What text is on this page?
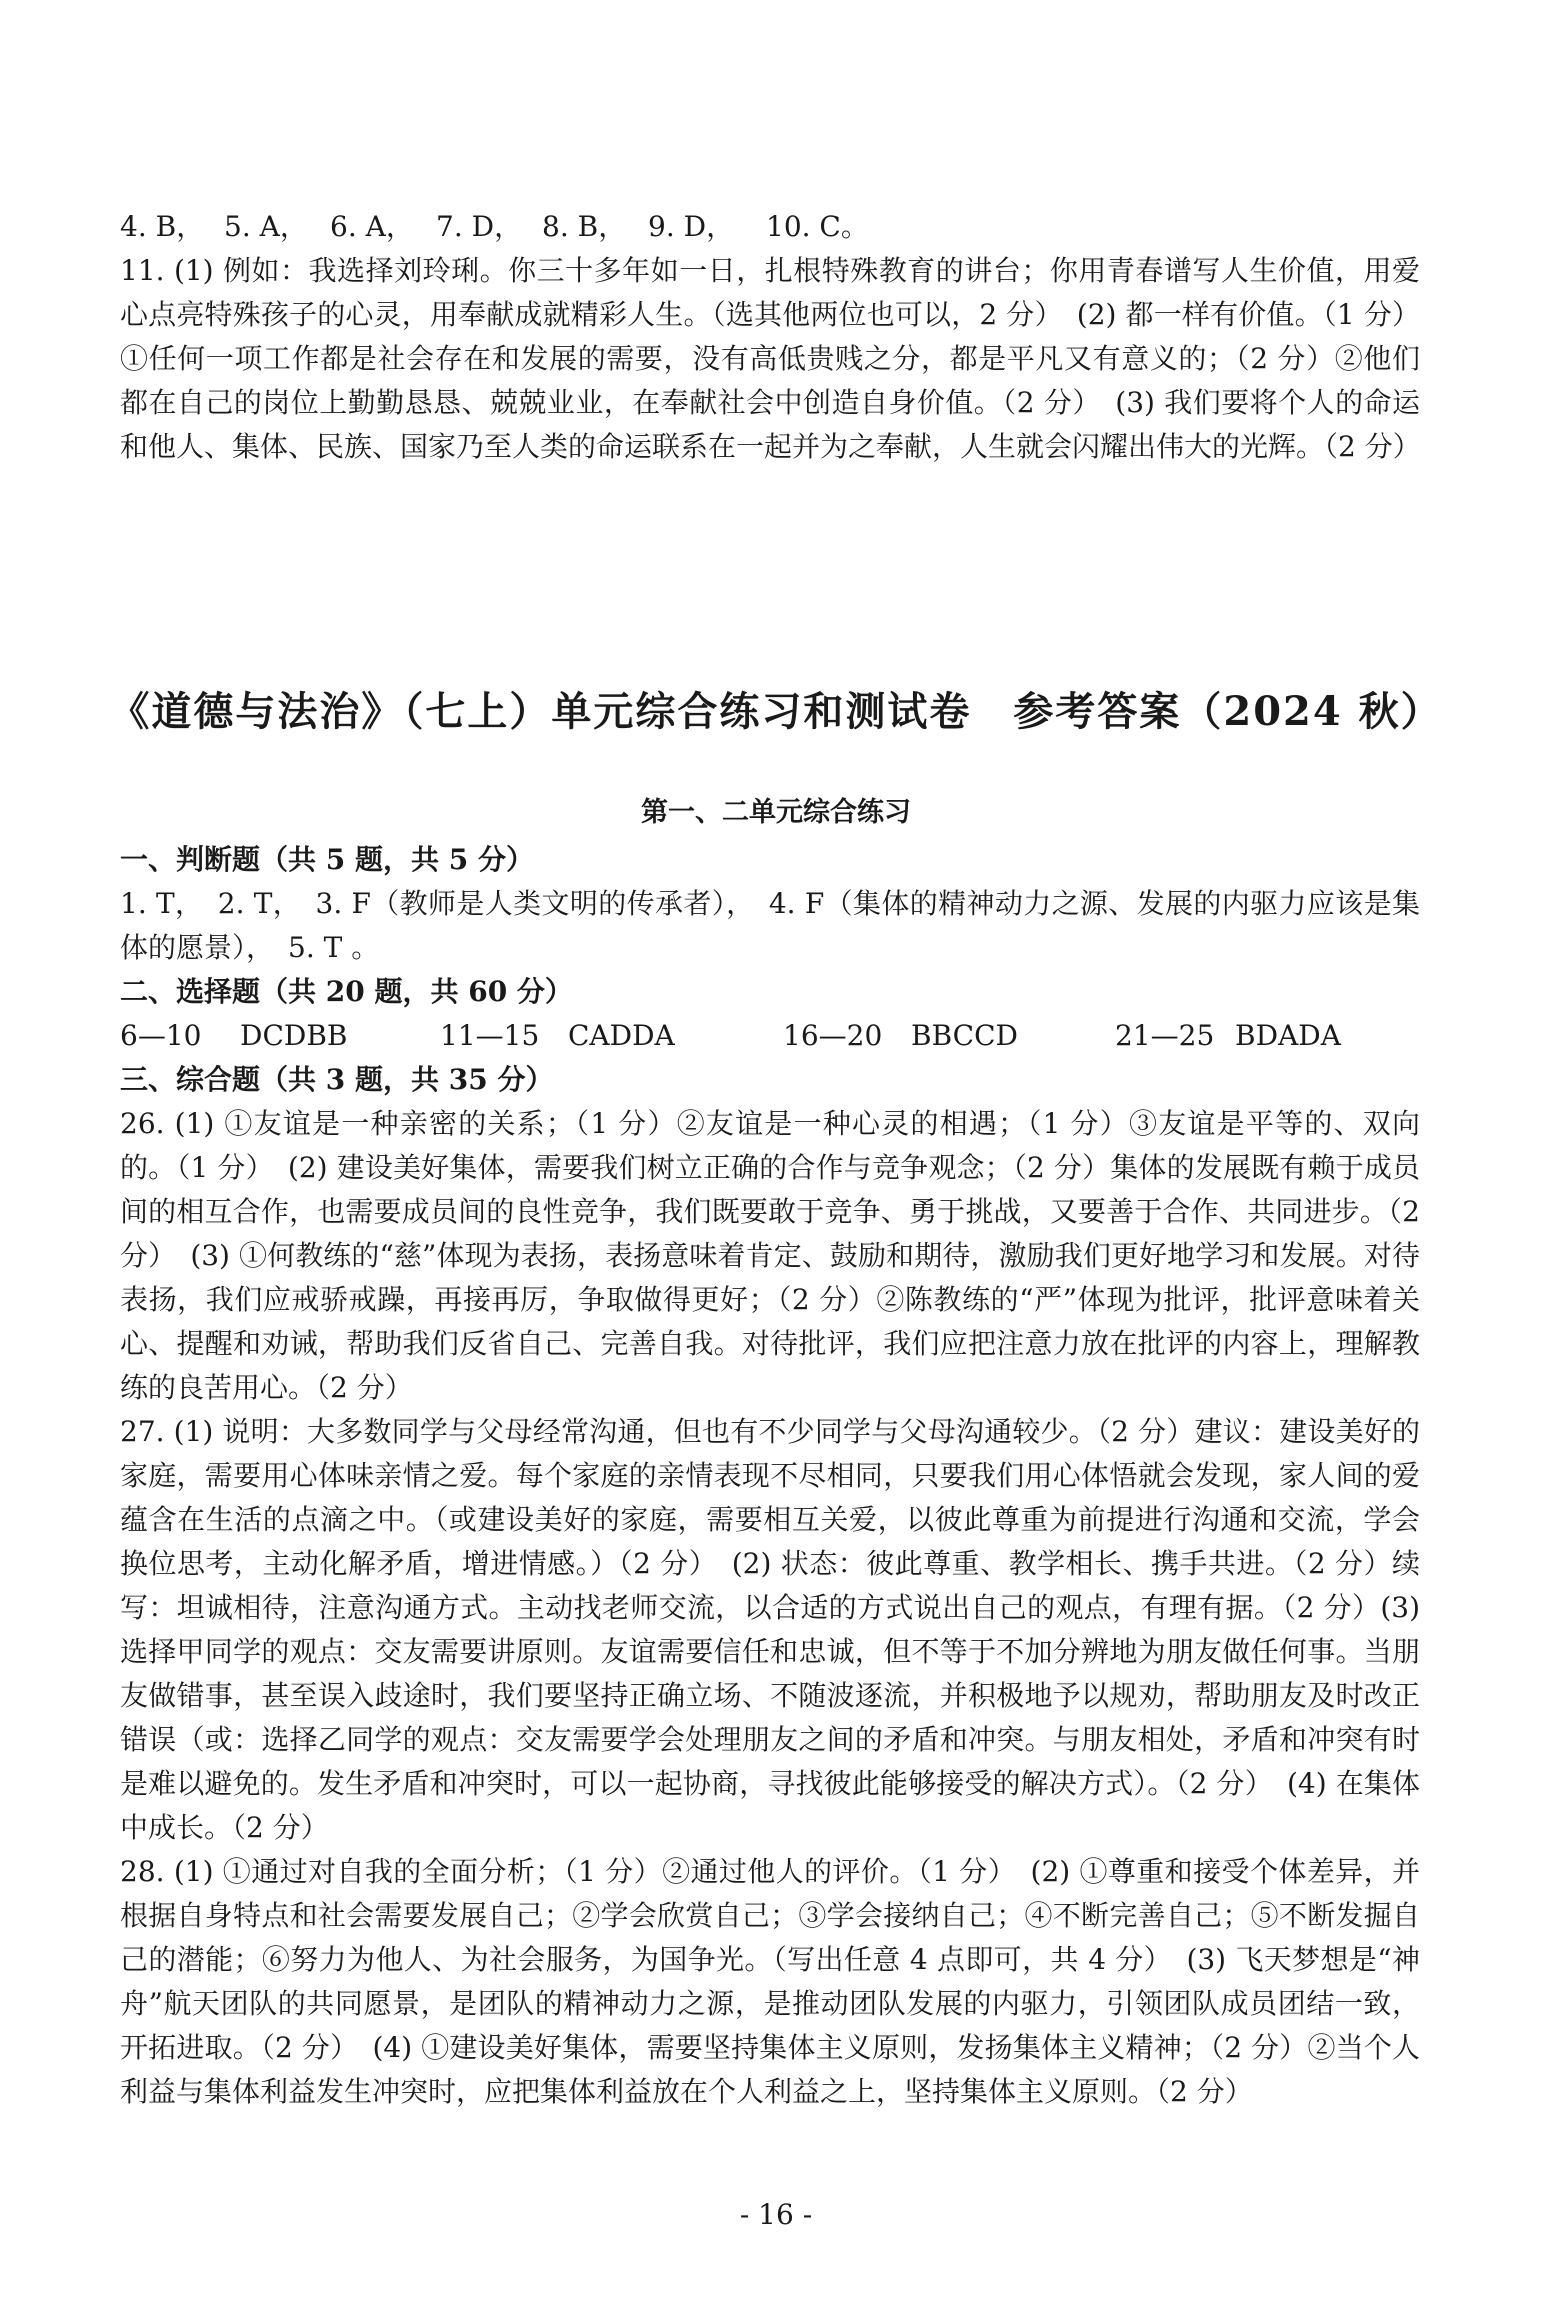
4. B， 5. A， 6. A， 7. D， 8. B， 9. D， 10. C。

11. (1) 例如：我选择刘玲琍。你三十多年如一日，扎根特殊教育的讲台；你用青春谱写人生价值，用爱心点亮特殊孩子的心灵，用奉献成就精彩人生。（选其他两位也可以，2 分）　(2) 都一样有价值。（1 分）①任何一项工作都是社会存在和发展的需要，没有高低贵贱之分，都是平凡又有意义的；（2 分）②他们都在自己的岗位上勤勤恳恳、兢兢业业，在奉献社会中创造自身价值。（2 分）　(3) 我们要将个人的命运和他人、集体、民族、国家乃至人类的命运联系在一起并为之奉献，人生就会闪耀出伟大的光辉。（2 分）

《道德与法治》（七上）单元综合练习和测试卷　参考答案（2024 秋）
第一、二单元综合练习

一、判断题（共 5 题，共 5 分）

1. T，　2. T，　3. F（教师是人类文明的传承者），　4. F（集体的精神动力之源、发展的内驱力应该是集体的愿景），　5. T 。

二、选择题（共 20 题，共 60 分）

6—10 DCDBB	11—15 CADDA	16—20 BBCCD	21—25 BDADA

三、综合题（共 3 题，共 35 分）

26. (1) ①友谊是一种亲密的关系；（1 分）②友谊是一种心灵的相遇；（1 分）③友谊是平等的、双向的。（1 分）　(2) 建设美好集体，需要我们树立正确的合作与竞争观念；（2 分）集体的发展既有赖于成员间的相互合作，也需要成员间的良性竞争，我们既要敢于竞争、勇于挑战，又要善于合作、共同进步。（2 分）　(3) ①何教练的“慈”体现为表扬，表扬意味着肯定、鼓励和期待，激励我们更好地学习和发展。对待表扬，我们应戒骄戒躁，再接再厉，争取做得更好；（2 分）②陈教练的“严”体现为批评，批评意味着关心、提醒和劝诫，帮助我们反省自己、完善自我。对待批评，我们应把注意力放在批评的内容上，理解教练的良苦用心。（2 分）

27. (1) 说明：大多数同学与父母经常沟通，但也有不少同学与父母沟通较少。（2 分）建议：建设美好的家庭，需要用心体味亲情之爱。每个家庭的亲情表现不尽相同，只要我们用心体悟就会发现，家人间的爱蕴含在生活的点滴之中。（或建设美好的家庭，需要相互关爱，以彼此尊重为前提进行沟通和交流，学会换位思考，主动化解矛盾，增进情感。）（2 分）　(2) 状态：彼此尊重、教学相长、携手共进。（2 分）续写：坦诚相待，注意沟通方式。主动找老师交流，以合适的方式说出自己的观点，有理有据。（2 分）(3) 选择甲同学的观点：交友需要讲原则。友谊需要信任和忠诚，但不等于不加分辨地为朋友做任何事。当朋友做错事，甚至误入歧途时，我们要坚持正确立场、不随波逐流，并积极地予以规劝，帮助朋友及时改正错误（或：选择乙同学的观点：交友需要学会处理朋友之间的矛盾和冲突。与朋友相处，矛盾和冲突有时是难以避免的。发生矛盾和冲突时，可以一起协商，寻找彼此能够接受的解决方式）。（2 分）　(4) 在集体中成长。（2 分）

28. (1) ①通过对自我的全面分析；（1 分）②通过他人的评价。（1 分）　(2) ①尊重和接受个体差异，并根据自身特点和社会需要发展自己；②学会欣赏自己；③学会接纳自己；④不断完善自己；⑤不断发掘自己的潜能；⑥努力为他人、为社会服务，为国争光。（写出任意 4 点即可，共 4 分）　(3) 飞天梦想是“神舟”航天团队的共同愿景，是团队的精神动力之源，是推动团队发展的内驱力，引领团队成员团结一致，开拓进取。（2 分）　(4) ①建设美好集体，需要坚持集体主义原则，发扬集体主义精神；（2 分）②当个人利益与集体利益发生冲突时，应把集体利益放在个人利益之上，坚持集体主义原则。（2 分）

- 16 -
